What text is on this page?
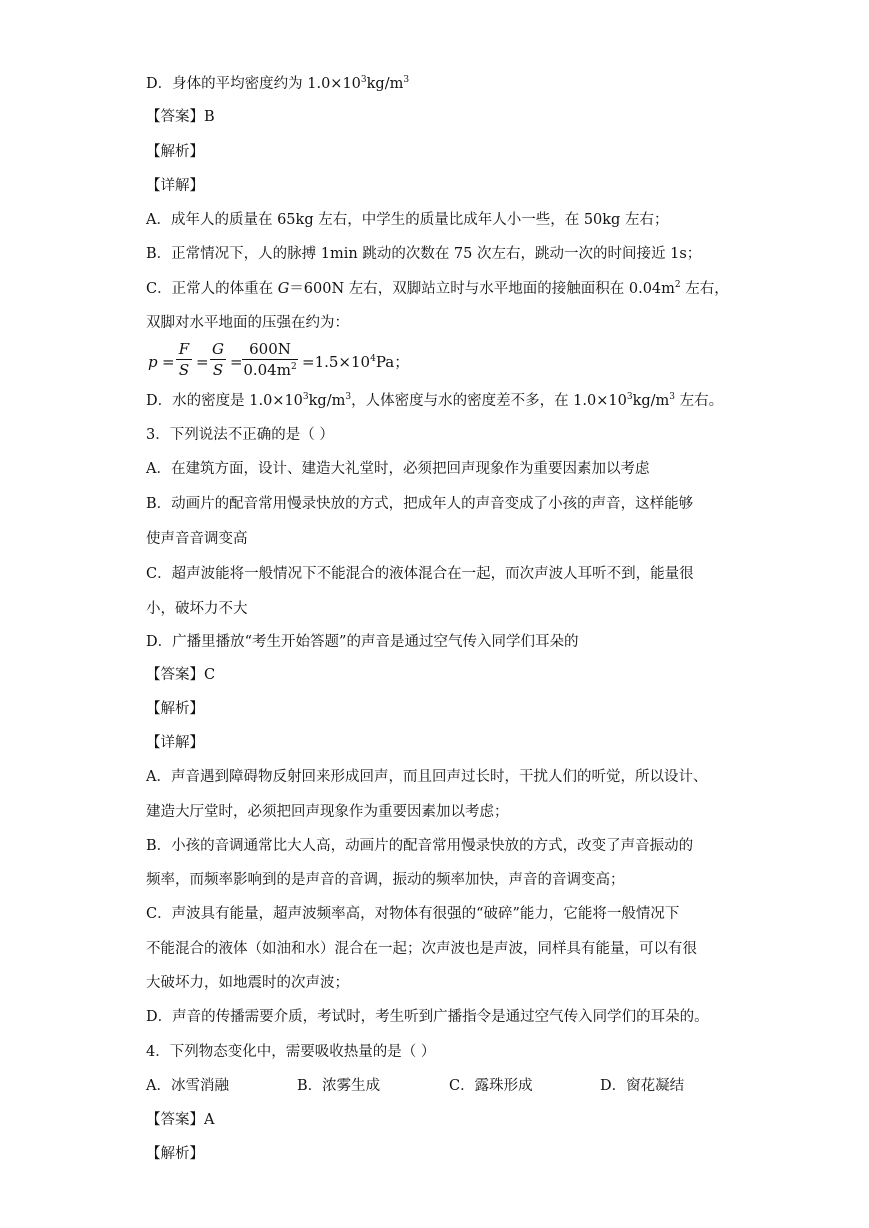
D．身体的平均密度约为 $1.0\times 10^3kg/m^3$
【答案】B
【解析】
【详解】
A．成年人的质量在 65kg 左右，中学生的质量比成年人小一些，在 50kg 左右；
B．正常情况下，人的脉搏 1min 跳动的次数在 75 次左右，跳动一次的时间接近 1s；
C．正常人的体重在 G＝600N 左右，双脚站立时与水平地面的接触面积在 $0.04m^2$ 左右，
双脚对水平地面的压强在约为：
$p = \frac{F}{S} = \frac{G}{S} = \frac{600N}{0.04m^2} =1.5\times 10^4Pa$；
D．水的密度是 $1.0\times 10^3kg/m^3$，人体密度与水的密度差不多，在 $1.0\times 10^3kg/m^3$ 左右。
3．下列说法不正确的是（ ）
A．在建筑方面，设计、建造大礼堂时，必须把回声现象作为重要因素加以考虑
B．动画片的配音常用慢录快放的方式，把成年人的声音变成了小孩的声音，这样能够
使声音音调变高
C．超声波能将一般情况下不能混合的液体混合在一起，而次声波人耳听不到，能量很
小，破坏力不大
D．广播里播放“考生开始答题”的声音是通过空气传入同学们耳朵的
【答案】C
【解析】
【详解】
A．声音遇到障碍物反射回来形成回声，而且回声过长时，干扰人们的听觉，所以设计、
建造大厅堂时，必须把回声现象作为重要因素加以考虑；
B．小孩的音调通常比大人高，动画片的配音常用慢录快放的方式，改变了声音振动的
频率，而频率影响到的是声音的音调，振动的频率加快，声音的音调变高；
C．声波具有能量，超声波频率高，对物体有很强的“破碎”能力，它能将一般情况下
不能混合的液体（如油和水）混合在一起；次声波也是声波，同样具有能量，可以有很
大破坏力，如地震时的次声波；
D．声音的传播需要介质，考试时，考生听到广播指令是通过空气传入同学们的耳朵的。
4．下列物态变化中，需要吸收热量的是（ ）
A．冰雪消融	B．浓雾生成	C．露珠形成	D．窗花凝结
【答案】A
【解析】
